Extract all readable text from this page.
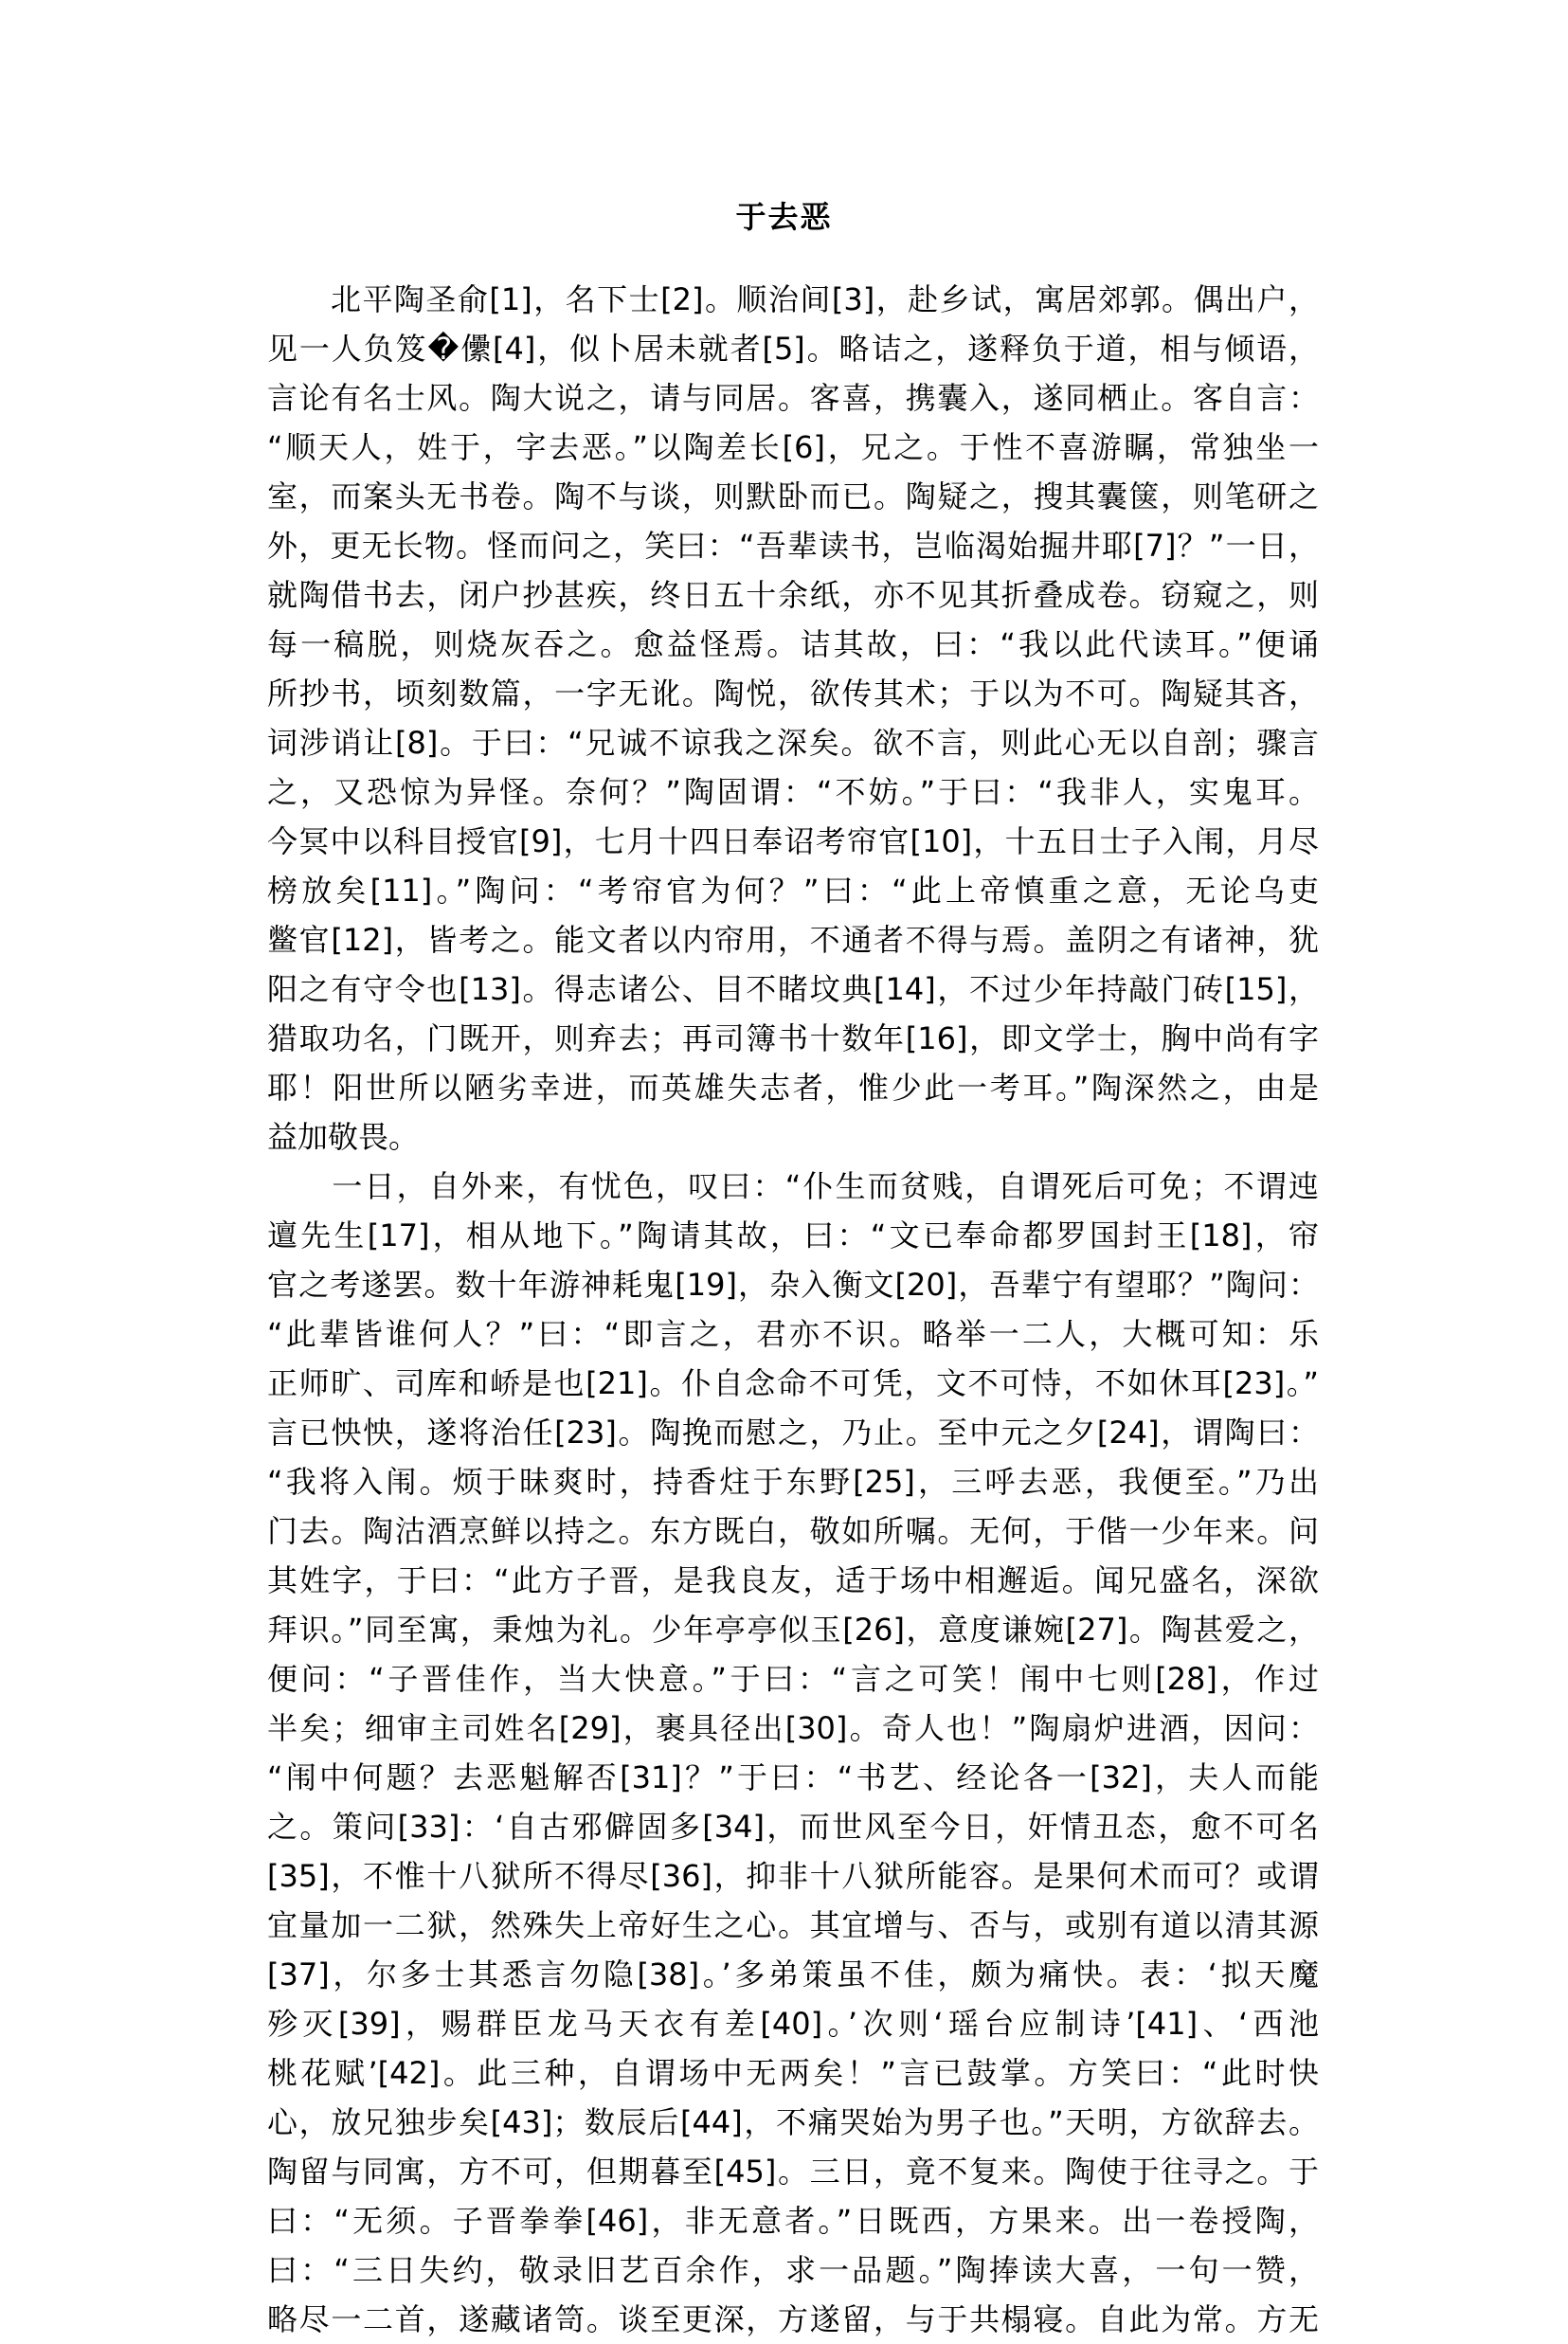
于去恶
　　北平陶圣俞[1]，名下士[2]。顺治间[3]，赴乡试，寓居郊郭。偶出户，
见一人负笈�儽[4]，似卜居未就者[5]。略诘之，遂释负于道，相与倾语，
言论有名士风。陶大说之，请与同居。客喜，携囊入，遂同栖止。客自言：
“顺天人，姓于，字去恶。”以陶差长[6]，兄之。于性不喜游瞩，常独坐一
室，而案头无书卷。陶不与谈，则默卧而已。陶疑之，搜其囊箧，则笔研之
外，更无长物。怪而问之，笑曰：“吾辈读书，岂临渴始掘井耶[7]？”一日，
就陶借书去，闭户抄甚疾，终日五十余纸，亦不见其折叠成卷。窃窥之，则
每一稿脱，则烧灰吞之。愈益怪焉。诘其故，曰：“我以此代读耳。”便诵
所抄书，顷刻数篇，一字无讹。陶悦，欲传其术；于以为不可。陶疑其吝，
词涉诮让[8]。于曰：“兄诚不谅我之深矣。欲不言，则此心无以自剖；骤言
之，又恐惊为异怪。奈何？”陶固谓：“不妨。”于曰：“我非人，实鬼耳。
今冥中以科目授官[9]，七月十四日奉诏考帘官[10]，十五日士子入闱，月尽
榜放矣[11]。”陶问：“考帘官为何？”曰：“此上帝慎重之意，无论乌吏
鳖官[12]，皆考之。能文者以内帘用，不通者不得与焉。盖阴之有诸神，犹
阳之有守令也[13]。得志诸公、目不睹坟典[14]，不过少年持敲门砖[15]，
猎取功名，门既开，则弃去；再司簿书十数年[16]，即文学士，胸中尚有字
耶！阳世所以陋劣幸进，而英雄失志者，惟少此一考耳。”陶深然之，由是
益加敬畏。
　　一日，自外来，有忧色，叹曰：“仆生而贫贱，自谓死后可免；不谓迍
邅先生[17]，相从地下。”陶请其故，曰：“文已奉命都罗国封王[18]，帘
官之考遂罢。数十年游神耗鬼[19]，杂入衡文[20]，吾辈宁有望耶？”陶问：
“此辈皆谁何人？”曰：“即言之，君亦不识。略举一二人，大概可知：乐
正师旷、司库和峤是也[21]。仆自念命不可凭，文不可恃，不如休耳[23]。”
言已怏怏，遂将治任[23]。陶挽而慰之，乃止。至中元之夕[24]，谓陶曰：
“我将入闱。烦于昧爽时，持香炷于东野[25]，三呼去恶，我便至。”乃出
门去。陶沽酒烹鲜以持之。东方既白，敬如所嘱。无何，于偕一少年来。问
其姓字，于曰：“此方子晋，是我良友，适于场中相邂逅。闻兄盛名，深欲
拜识。”同至寓，秉烛为礼。少年亭亭似玉[26]，意度谦婉[27]。陶甚爱之，
便问：“子晋佳作，当大快意。”于曰：“言之可笑！闱中七则[28]，作过
半矣；细审主司姓名[29]，裹具径出[30]。奇人也！”陶扇炉进酒，因问：
“闱中何题？去恶魁解否[31]？”于曰：“书艺、经论各一[32]，夫人而能
之。策问[33]：‘自古邪僻固多[34]，而世风至今日，奸情丑态，愈不可名
[35]，不惟十八狱所不得尽[36]，抑非十八狱所能容。是果何术而可？或谓
宜量加一二狱，然殊失上帝好生之心。其宜增与、否与，或别有道以清其源
[37]，尔多士其悉言勿隐[38]。’多弟策虽不佳，颇为痛快。表：‘拟天魔
殄灭[39]，赐群臣龙马天衣有差[40]。’次则‘瑶台应制诗’[41]、‘西池
桃花赋’[42]。此三种，自谓场中无两矣！”言已鼓掌。方笑曰：“此时快
心，放兄独步矣[43]；数辰后[44]，不痛哭始为男子也。”天明，方欲辞去。
陶留与同寓，方不可，但期暮至[45]。三日，竟不复来。陶使于往寻之。于
曰：“无须。子晋拳拳[46]，非无意者。”日既西，方果来。出一卷授陶，
曰：“三日失约，敬录旧艺百余作，求一品题。”陶捧读大喜，一句一赞，
略尽一二首，遂藏诸笥。谈至更深，方遂留，与于共榻寝。自此为常。方无
